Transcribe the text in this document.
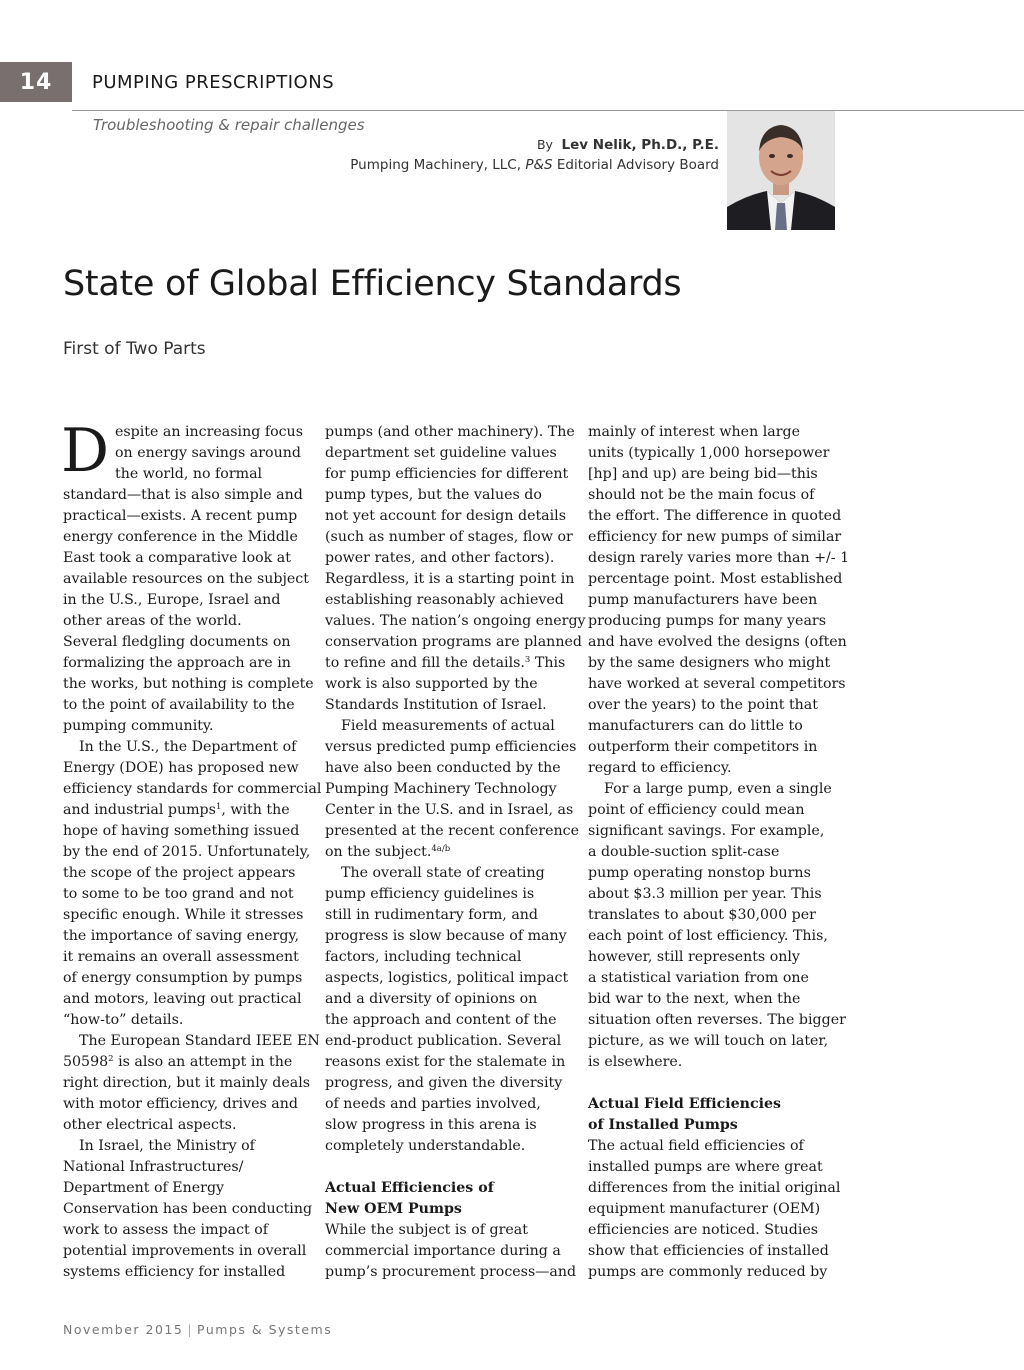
14 PUMPING PRESCRIPTIONS
Troubleshooting & repair challenges
By Lev Nelik, Ph.D., P.E.
Pumping Machinery, LLC, P&S Editorial Advisory Board
State of Global Efficiency Standards
First of Two Parts
D espite an increasing focus

on energy savings around

the world, no formal

standard—that is also simple and

practical—exists. A recent pump

energy conference in the Middle

East took a comparative look at

available resources on the subject

in the U.S., Europe, Israel and

other areas of the world.

Several fledgling documents on

formalizing the approach are in

the works, but nothing is complete

to the point of availability to the

pumping community.

In the U.S., the Department of

Energy (DOE) has proposed new

efficiency standards for commercial

and industrial pumps$^1$, with the

hope of having something issued

by the end of 2015. Unfortunately,

the scope of the project appears

to some to be too grand and not

specific enough. While it stresses

the importance of saving energy,

it remains an overall assessment

of energy consumption by pumps

and motors, leaving out practical

“how-to” details.

The European Standard IEEE EN

50598$^2$ is also an attempt in the

right direction, but it mainly deals

with motor efficiency, drives and

other electrical aspects.

In Israel, the Ministry of

National Infrastructures/

Department of Energy

Conservation has been conducting

work to assess the impact of

potential improvements in overall

systems efficiency for installed

pumps (and other machinery). The

department set guideline values

for pump efficiencies for different

pump types, but the values do

not yet account for design details

(such as number of stages, flow or

power rates, and other factors).

Regardless, it is a starting point in

establishing reasonably achieved

values. The nation’s ongoing energy

conservation programs are planned

to refine and fill the details.$^3$ This

work is also supported by the

Standards Institution of Israel.

Field measurements of actual

versus predicted pump efficiencies

have also been conducted by the

Pumping Machinery Technology

Center in the U.S. and in Israel, as

presented at the recent conference

on the subject.$^{4a/b}$

The overall state of creating

pump efficiency guidelines is

still in rudimentary form, and

progress is slow because of many

factors, including technical

aspects, logistics, political impact

and a diversity of opinions on

the approach and content of the

end-product publication. Several

reasons exist for the stalemate in

progress, and given the diversity

of needs and parties involved,

slow progress in this arena is

completely understandable.

Actual Efficiencies of

New OEM Pumps

While the subject is of great

commercial importance during a

pump’s procurement process—and

mainly of interest when large

units (typically 1,000 horsepower

[hp] and up) are being bid—this

should not be the main focus of

the effort. The difference in quoted

efficiency for new pumps of similar

design rarely varies more than +/- 1

percentage point. Most established

pump manufacturers have been

producing pumps for many years

and have evolved the designs (often

by the same designers who might

have worked at several competitors

over the years) to the point that

manufacturers can do little to

outperform their competitors in

regard to efficiency.

For a large pump, even a single

point of efficiency could mean

significant savings. For example,

a double-suction split-case

pump operating nonstop burns

about $3.3 million per year. This

translates to about $30,000 per

each point of lost efficiency. This,

however, still represents only

a statistical variation from one

bid war to the next, when the

situation often reverses. The bigger

picture, as we will touch on later,

is elsewhere.

Actual Field Efficiencies

of Installed Pumps

The actual field efficiencies of

installed pumps are where great

differences from the initial original

equipment manufacturer (OEM)

efficiencies are noticed. Studies

show that efficiencies of installed

pumps are commonly reduced by

November 2015 | Pumps & Systems
